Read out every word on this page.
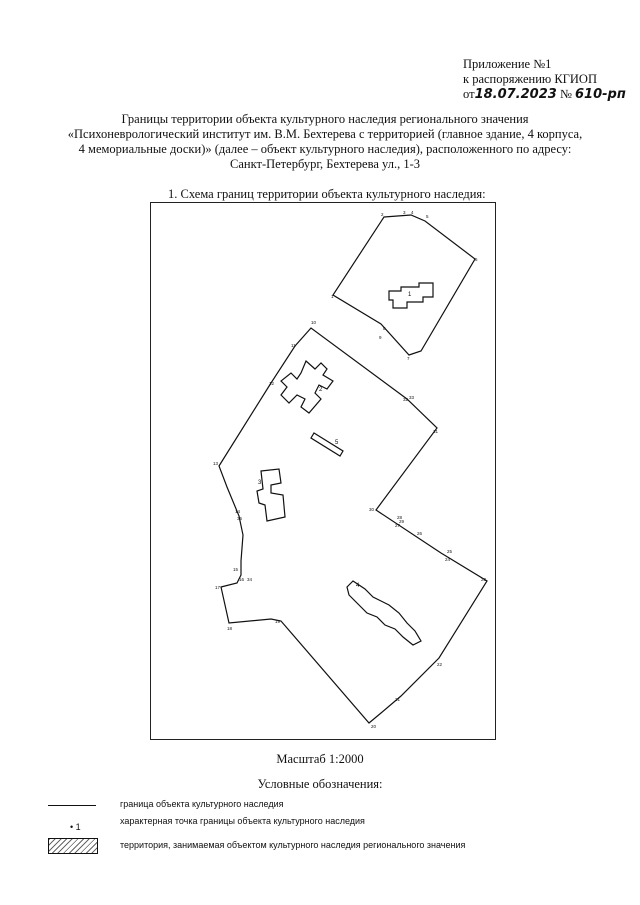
Приложение №1
к распоряжению КГИОП
от18.07.2023 № 610-рп
Границы территории объекта культурного наследия регионального значения
«Психоневрологический институт им. В.М. Бехтерева с территорией (главное здание, 4 корпуса,
4 мемориальные доски)» (далее – объект культурного наследия), расположенного по адресу:
Санкт-Петербург, Бехтерева ул., 1-3
1. Схема границ территории объекта культурного наследия:
1
2
3
4
5
1
2	3 4
5
6
7
8
9
10
11
12
13
14
15
16
17
18
19
20
21
22
23
24
25
26
27
28
29
30
31
32 33
34
35
Масштаб 1:2000
Условные обозначения:
граница объекта культурного наследия
• 1
характерная точка границы объекта культурного наследия
территория, занимаемая объектом культурного наследия регионального значения
